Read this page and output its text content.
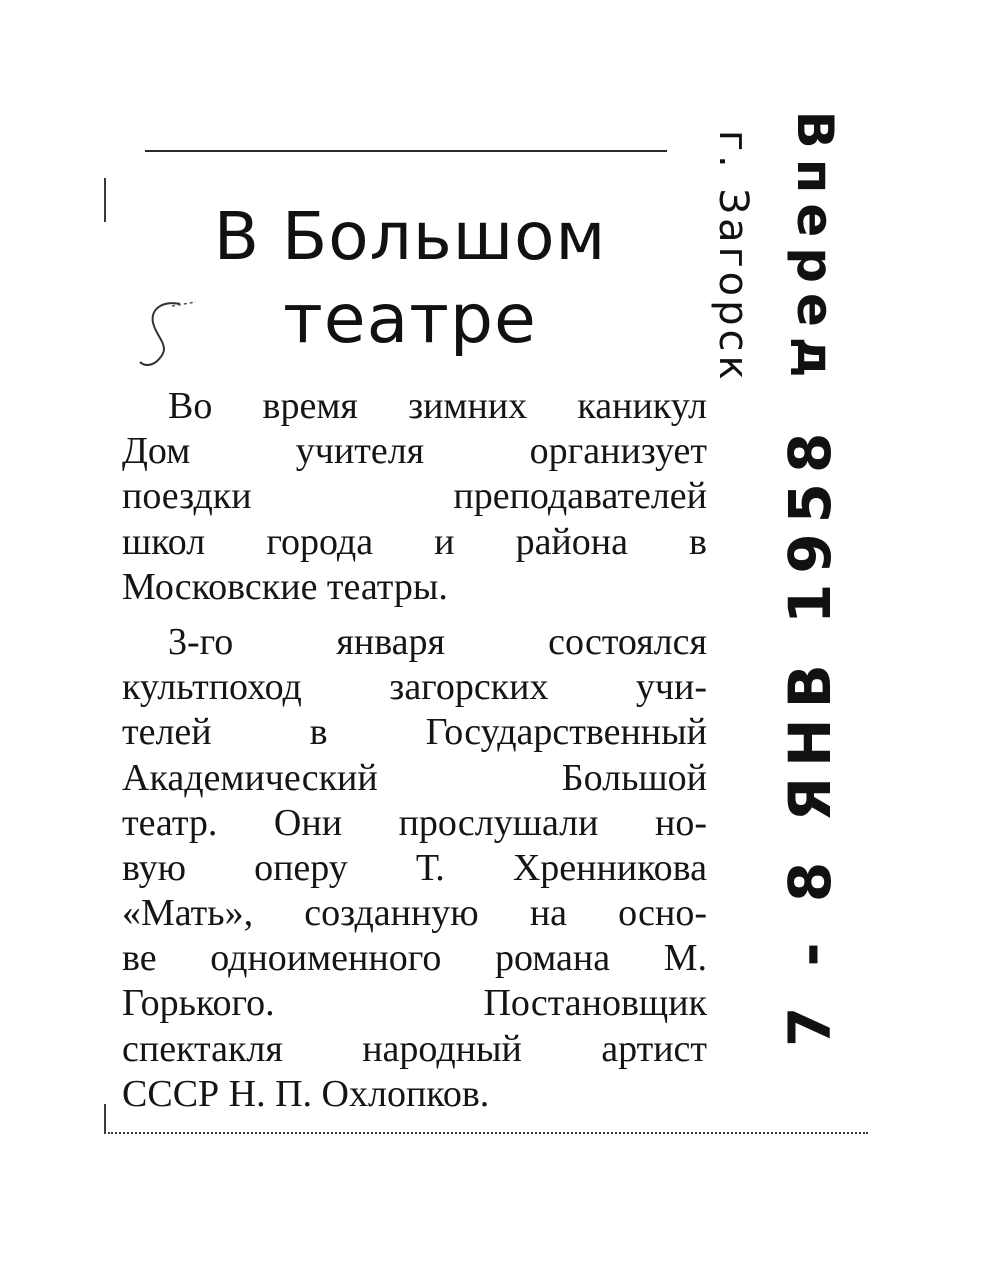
В Большом
театре
Во время зимних каникул
Дом учителя организует
поездки преподавателей
школ города и района в
Московские театры.
3-го января состоялся
культпоход загорских учи-
телей в Государственный
Академический Большой
театр. Они прослушали но-
вую оперу Т. Хренникова
«Мать», созданную на осно-
ве одноименного романа М.
Горького. Постановщик
спектакля народный артист
СССР Н. П. Охлопков.
г. Загорск Вперед
7 - 8 ЯНВ 1958
